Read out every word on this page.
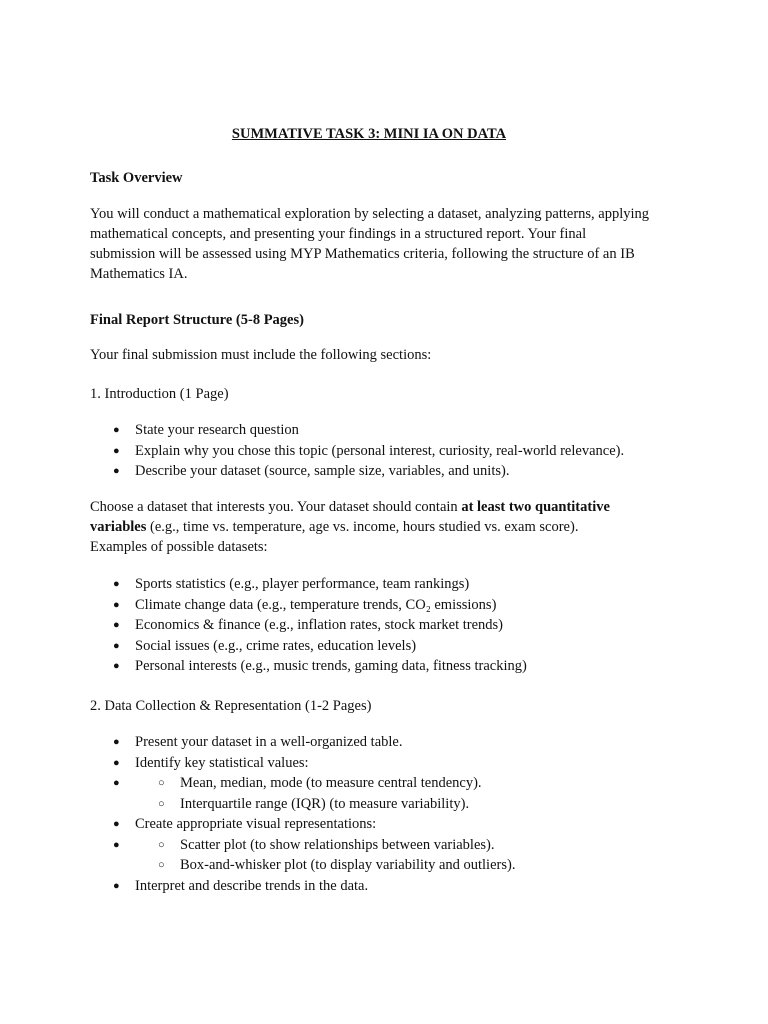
SUMMATIVE TASK 3: MINI IA ON DATA

Task Overview

You will conduct a mathematical exploration by selecting a dataset, analyzing patterns, applying
mathematical concepts, and presenting your findings in a structured report. Your final
submission will be assessed using MYP Mathematics criteria, following the structure of an IB
Mathematics IA.

Final Report Structure (5-8 Pages)

Your final submission must include the following sections:

1. Introduction (1 Page)

● State your research question
● Explain why you chose this topic (personal interest, curiosity, real-world relevance).
● Describe your dataset (source, sample size, variables, and units).
Choose a dataset that interests you. Your dataset should contain at least two quantitative
variables (e.g., time vs. temperature, age vs. income, hours studied vs. exam score).
Examples of possible datasets:
● Sports statistics (e.g., player performance, team rankings)
● Climate change data (e.g., temperature trends, CO₂ emissions)
● Economics & finance (e.g., inflation rates, stock market trends)
● Social issues (e.g., crime rates, education levels)
● Personal interests (e.g., music trends, gaming data, fitness tracking)

2. Data Collection & Representation (1-2 Pages)

● Present your dataset in a well-organized table.
● Identify key statistical values:
○ ● Mean, median, mode (to measure central tendency).
○ Interquartile range (IQR) (to measure variability).
● Create appropriate visual representations:
○ ● Scatter plot (to show relationships between variables).
○ Box-and-whisker plot (to display variability and outliers).
● Interpret and describe trends in the data.
